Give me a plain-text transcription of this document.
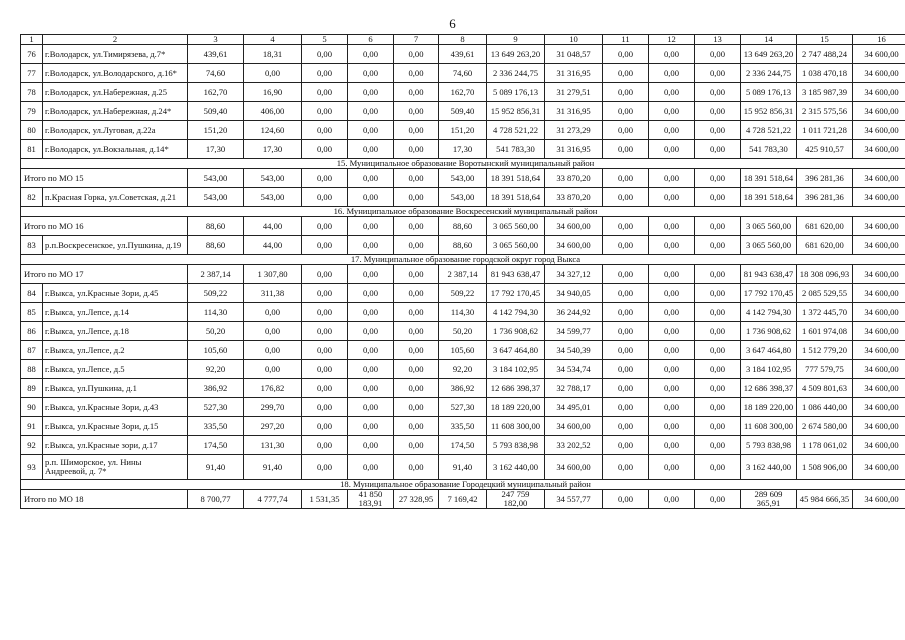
6
1	2	3	4	5	6	7	8	9	10	11	12	13	14	15	16
76	г.Володарск, ул.Тимирязева, д.7*	439,61	18,31	0,00	0,00	0,00	439,61	13 649 263,20	31 048,57	0,00	0,00	0,00	13 649 263,20	2 747 488,24	34 600,00
77	г.Володарск, ул.Володарского, д.16*	74,60	0,00	0,00	0,00	0,00	74,60	2 336 244,75	31 316,95	0,00	0,00	0,00	2 336 244,75	1 038 470,18	34 600,00
78	г.Володарск, ул.Набережная, д.25	162,70	16,90	0,00	0,00	0,00	162,70	5 089 176,13	31 279,51	0,00	0,00	0,00	5 089 176,13	3 185 987,39	34 600,00
79	г.Володарск, ул.Набережная, д.24*	509,40	406,00	0,00	0,00	0,00	509,40	15 952 856,31	31 316,95	0,00	0,00	0,00	15 952 856,31	2 315 575,56	34 600,00
80	г.Володарск, ул.Луговая, д.22а	151,20	124,60	0,00	0,00	0,00	151,20	4 728 521,22	31 273,29	0,00	0,00	0,00	4 728 521,22	1 011 721,28	34 600,00
81	г.Володарск, ул.Вокзальная, д.14*	17,30	17,30	0,00	0,00	0,00	17,30	541 783,30	31 316,95	0,00	0,00	0,00	541 783,30	425 910,57	34 600,00
15. Муниципальное образование Воротынский муниципальный район															
Итого по МО 15		543,00	543,00	0,00	0,00	0,00	543,00	18 391 518,64	33 870,20	0,00	0,00	0,00	18 391 518,64	396 281,36	34 600,00
82	п.Красная Горка, ул.Советская, д.21	543,00	543,00	0,00	0,00	0,00	543,00	18 391 518,64	33 870,20	0,00	0,00	0,00	18 391 518,64	396 281,36	34 600,00
16. Муниципальное образование Воскресенский муниципальный район															
Итого по МО 16		88,60	44,00	0,00	0,00	0,00	88,60	3 065 560,00	34 600,00	0,00	0,00	0,00	3 065 560,00	681 620,00	34 600,00
83	р.п.Воскресенское, ул.Пушкина, д.19	88,60	44,00	0,00	0,00	0,00	88,60	3 065 560,00	34 600,00	0,00	0,00	0,00	3 065 560,00	681 620,00	34 600,00
17. Муниципальное образование городской округ город Выкса															
Итого по МО 17		2 387,14	1 307,80	0,00	0,00	0,00	2 387,14	81 943 638,47	34 327,12	0,00	0,00	0,00	81 943 638,47	18 308 096,93	34 600,00
84	г.Выкса, ул.Красные Зори, д.45	509,22	311,38	0,00	0,00	0,00	509,22	17 792 170,45	34 940,05	0,00	0,00	0,00	17 792 170,45	2 085 529,55	34 600,00
85	г.Выкса, ул.Лепсе, д.14	114,30	0,00	0,00	0,00	0,00	114,30	4 142 794,30	36 244,92	0,00	0,00	0,00	4 142 794,30	1 372 445,70	34 600,00
86	г.Выкса, ул.Лепсе, д.18	50,20	0,00	0,00	0,00	0,00	50,20	1 736 908,62	34 599,77	0,00	0,00	0,00	1 736 908,62	1 601 974,08	34 600,00
87	г.Выкса, ул.Лепсе, д.2	105,60	0,00	0,00	0,00	0,00	105,60	3 647 464,80	34 540,39	0,00	0,00	0,00	3 647 464,80	1 512 779,20	34 600,00
88	г.Выкса, ул.Лепсе, д.5	92,20	0,00	0,00	0,00	0,00	92,20	3 184 102,95	34 534,74	0,00	0,00	0,00	3 184 102,95	777 579,75	34 600,00
89	г.Выкса, ул.Пушкина, д.1	386,92	176,82	0,00	0,00	0,00	386,92	12 686 398,37	32 788,17	0,00	0,00	0,00	12 686 398,37	4 509 801,63	34 600,00
90	г.Выкса, ул.Красные Зори, д.43	527,30	299,70	0,00	0,00	0,00	527,30	18 189 220,00	34 495,01	0,00	0,00	0,00	18 189 220,00	1 086 440,00	34 600,00
91	г.Выкса, ул.Красные Зори, д.15	335,50	297,20	0,00	0,00	0,00	335,50	11 608 300,00	34 600,00	0,00	0,00	0,00	11 608 300,00	2 674 580,00	34 600,00
92	г.Выкса, ул.Красные зори, д.17	174,50	131,30	0,00	0,00	0,00	174,50	5 793 838,98	33 202,52	0,00	0,00	0,00	5 793 838,98	1 178 061,02	34 600,00
93	р.п. Шиморское, ул. Нины Андреевой, д. 7*	91,40	91,40	0,00	0,00	0,00	91,40	3 162 440,00	34 600,00	0,00	0,00	0,00	3 162 440,00	1 508 906,00	34 600,00
18. Муниципальное образование Городецкий муниципальный район															
Итого по МО 18		8 700,77	4 777,74	1 531,35	41 850 183,91	27 328,95	7 169,42	247 759 182,00	34 557,77	0,00	0,00	0,00	289 609 365,91	45 984 666,35	34 600,00
